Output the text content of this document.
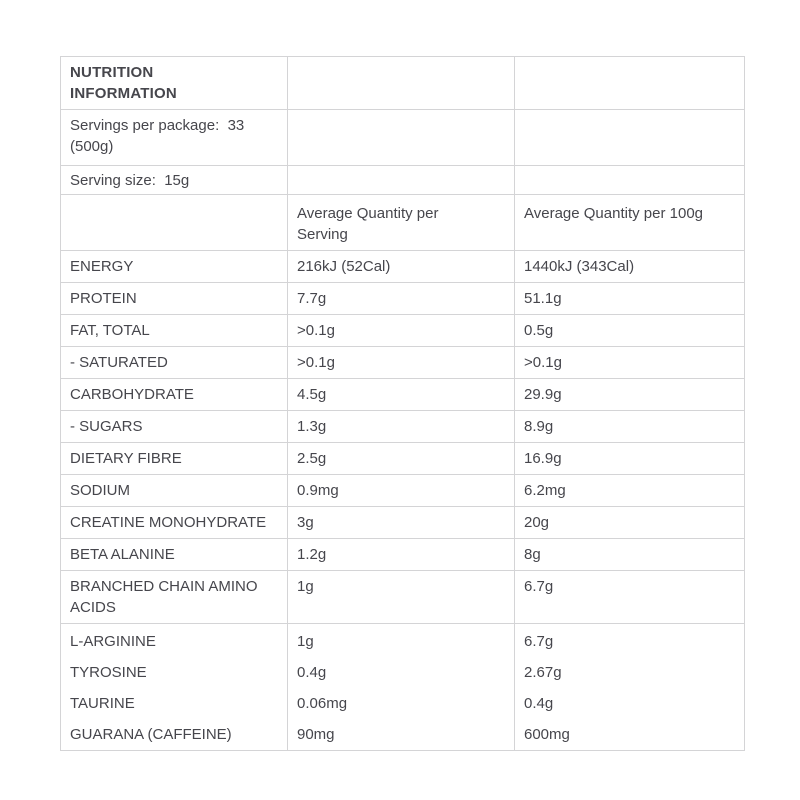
NUTRITION INFORMATION		
Servings per package:  33 (500g)		
Serving size:  15g		
	Average Quantity per Serving	Average Quantity per 100g
ENERGY	216kJ (52Cal)	1440kJ (343Cal)
PROTEIN	7.7g	51.1g
FAT, TOTAL	>0.1g	0.5g
- SATURATED	>0.1g	>0.1g
CARBOHYDRATE	4.5g	29.9g
- SUGARS	1.3g	8.9g
DIETARY FIBRE	2.5g	16.9g
SODIUM	0.9mg	6.2mg
CREATINE MONOHYDRATE	3g	20g
BETA ALANINE	1.2g	8g
BRANCHED CHAIN AMINO ACIDS	1g	6.7g
L-ARGININE	1g	6.7g
TYROSINE	0.4g	2.67g
TAURINE	0.06mg	0.4g
GUARANA (CAFFEINE)	90mg	600mg
